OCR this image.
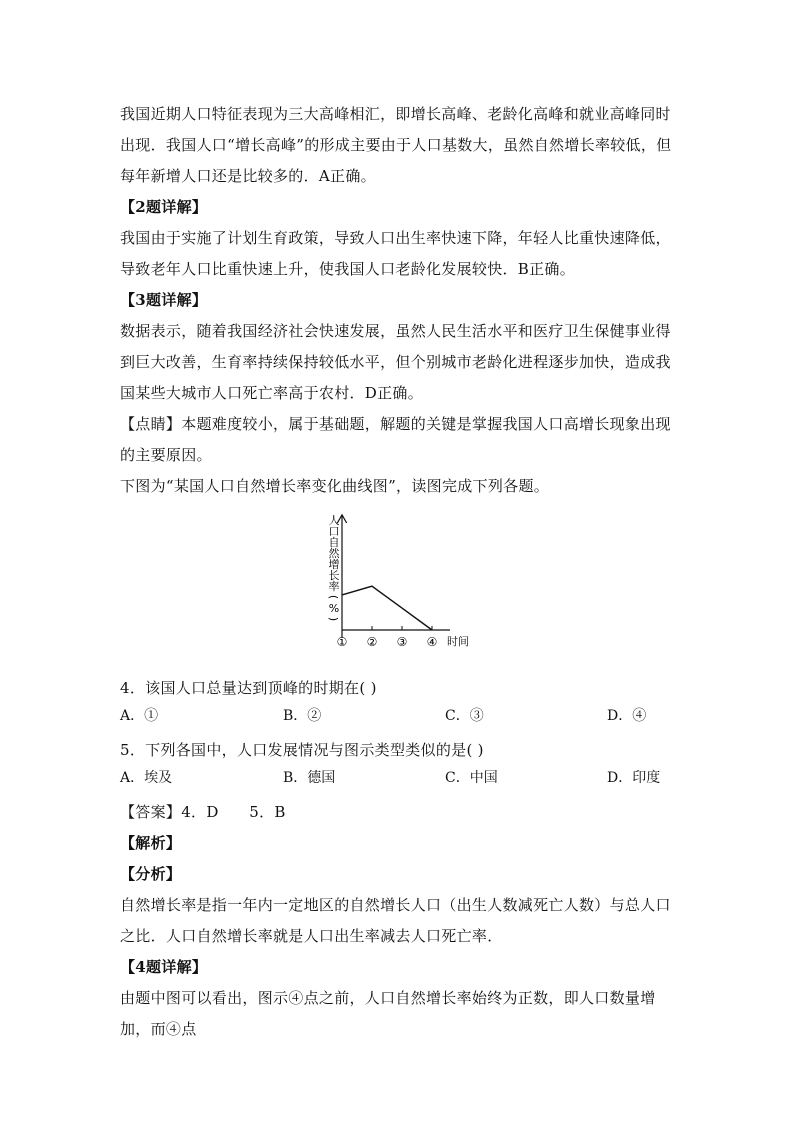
我国近期人口特征表现为三大高峰相汇，即增长高峰、老龄化高峰和就业高峰同时出现．我国人口“增长高峰”的形成主要由于人口基数大，虽然自然增长率较低，但每年新增人口还是比较多的．A正确。

【2题详解】

我国由于实施了计划生育政策，导致人口出生率快速下降，年轻人比重快速降低，导致老年人口比重快速上升，使我国人口老龄化发展较快．B正确。

【3题详解】

数据表示，随着我国经济社会快速发展，虽然人民生活水平和医疗卫生保健事业得到巨大改善，生育率持续保持较低水平，但个别城市老龄化进程逐步加快，造成我国某些大城市人口死亡率高于农村．D正确。

【点睛】本题难度较小，属于基础题，解题的关键是掌握我国人口高增长现象出现的主要原因。

下图为“某国人口自然增长率变化曲线图”，读图完成下列各题。

人
口
自
然
增
长
率
(
%
)
① ② ③ ④ 时间

4．该国人口总量达到顶峰的时期在( )

A．①	B．②	C．③	D．④

5．下列各国中，人口发展情况与图示类型类似的是( )

A．埃及	B．德国	C．中国	D．印度

【答案】4．D　　5．B

【解析】

【分析】

自然增长率是指一年内一定地区的自然增长人口（出生人数减死亡人数）与总人口之比．人口自然增长率就是人口出生率减去人口死亡率．

【4题详解】

由题中图可以看出，图示④点之前，人口自然增长率始终为正数，即人口数量增加，而④点
